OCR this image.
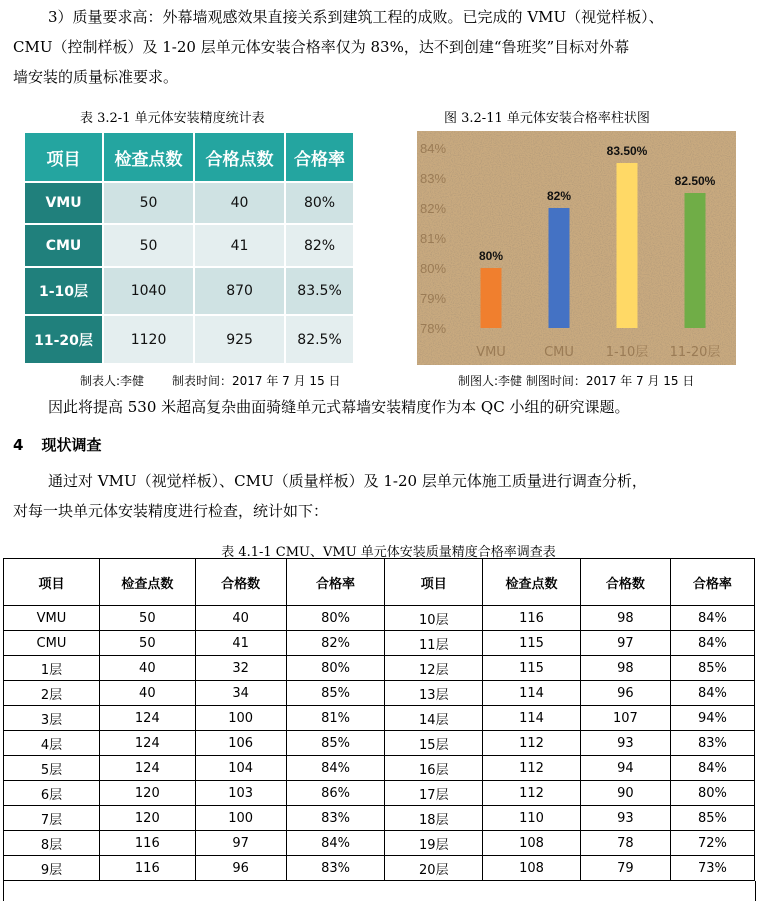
3）质量要求高：外幕墙观感效果直接关系到建筑工程的成败。已完成的 VMU（视觉样板）、
CMU（控制样板）及 1-20 层单元体安装合格率仅为 83%，达不到创建“鲁班奖”目标对外幕
墙安装的质量标准要求。
表 3.2-1 单元体安装精度统计表	图 3.2-11 单元体安装合格率柱状图
项目	检查点数	合格点数	合格率
VMU	50	40	80%
CMU	50	41	82%
1-10层	1040	870	83.5%
11-20层	1120	925	82.5%
78%
79%
80%
81%
82%
83%
84%
80%
VMU
82%
CMU
83.50%
1-10层
82.50%
11-20层
制表人:李健 制表时间：2017 年 7 月 15 日	制图人:李健 制图时间：2017 年 7 月 15 日
因此将提高 530 米超高复杂曲面骑缝单元式幕墙安装精度作为本 QC 小组的研究课题。
4 现状调查
通过对 VMU（视觉样板）、CMU（质量样板）及 1-20 层单元体施工质量进行调查分析，
对每一块单元体安装精度进行检查，统计如下：
表 4.1-1 CMU、VMU 单元体安装质量精度合格率调查表
项目	检查点数	合格数	合格率	项目	检查点数	合格数	合格率
VMU	50	40	80%	10层	116	98	84%
CMU	50	41	82%	11层	115	97	84%
1层	40	32	80%	12层	115	98	85%
2层	40	34	85%	13层	114	96	84%
3层	124	100	81%	14层	114	107	94%
4层	124	106	85%	15层	112	93	83%
5层	124	104	84%	16层	112	94	84%
6层	120	103	86%	17层	112	90	80%
7层	120	100	83%	18层	110	93	85%
8层	116	97	84%	19层	108	78	72%
9层	116	96	83%	20层	108	79	73%
